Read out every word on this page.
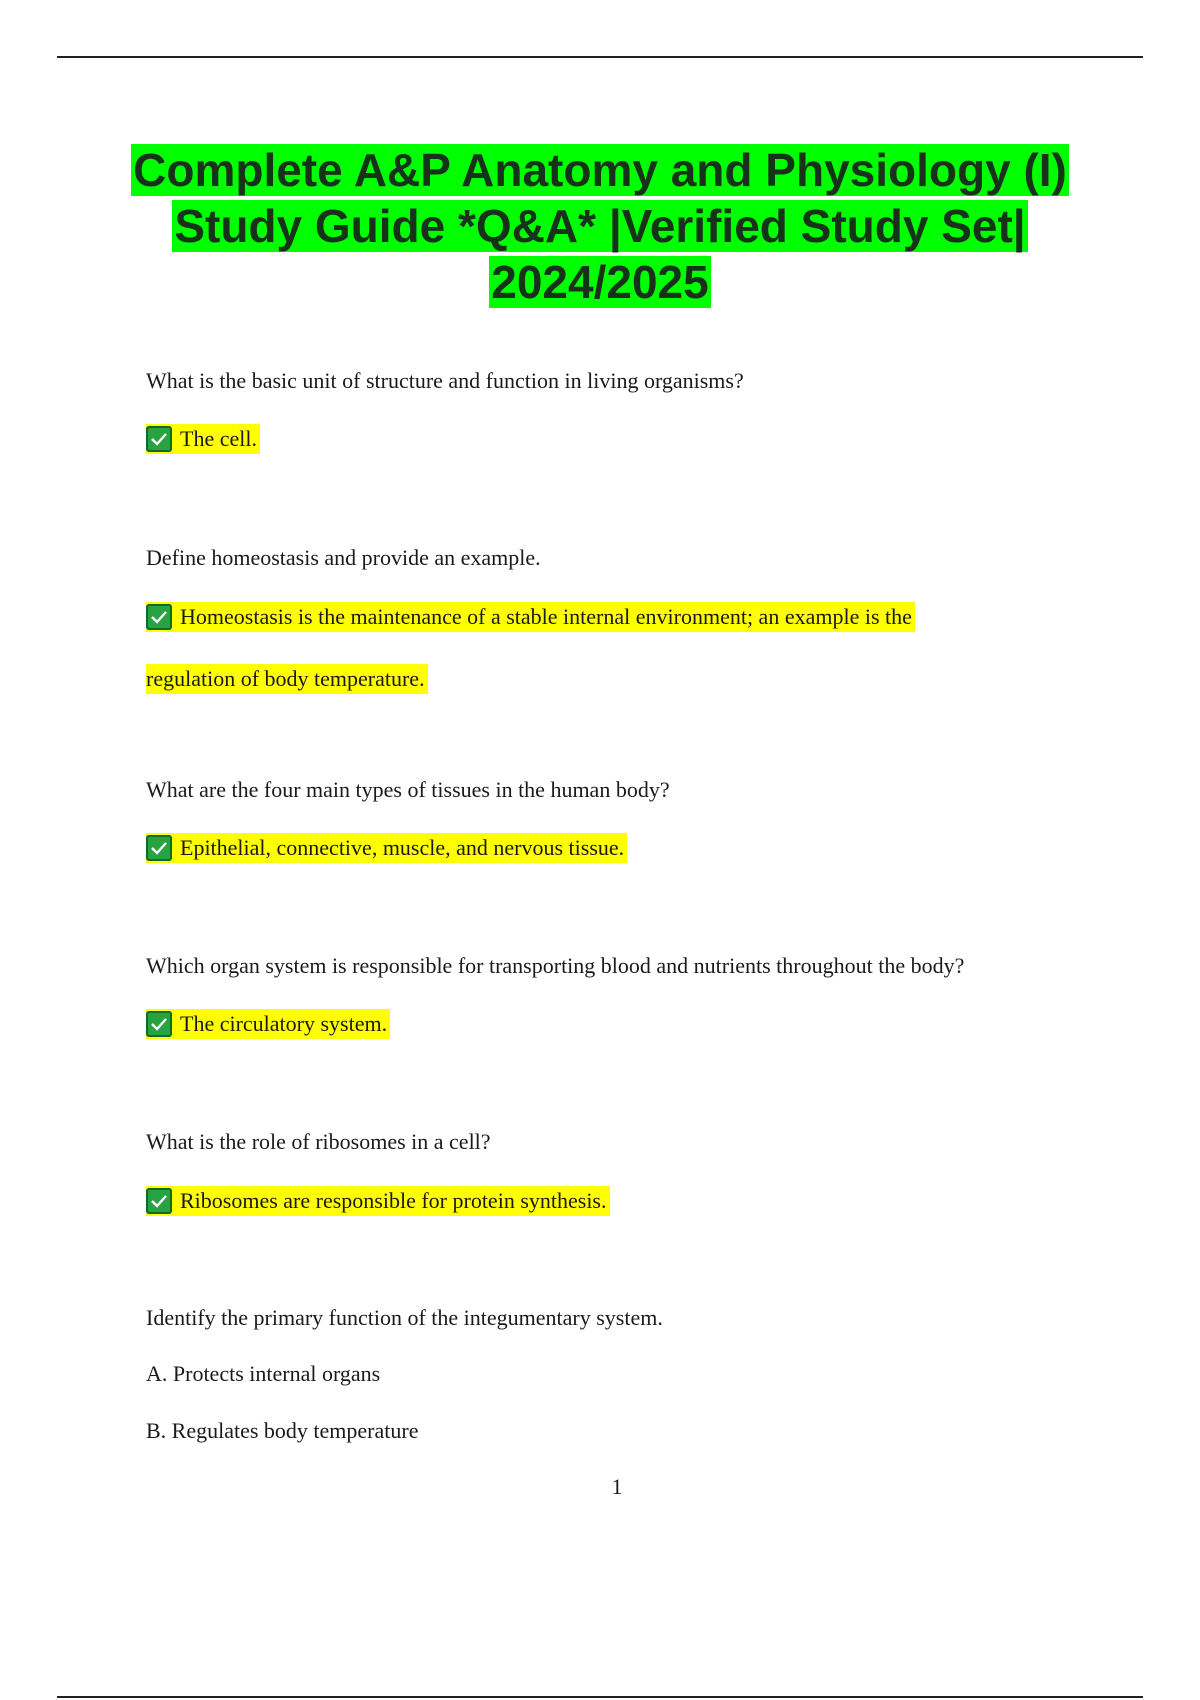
Complete A&P Anatomy and Physiology (I) Study Guide *Q&A* |Verified Study Set| 2024/2025
What is the basic unit of structure and function in living organisms?
The cell.
Define homeostasis and provide an example.
Homeostasis is the maintenance of a stable internal environment; an example is the
regulation of body temperature.
What are the four main types of tissues in the human body?
Epithelial, connective, muscle, and nervous tissue.
Which organ system is responsible for transporting blood and nutrients throughout the body?
The circulatory system.
What is the role of ribosomes in a cell?
Ribosomes are responsible for protein synthesis.
Identify the primary function of the integumentary system.
A. Protects internal organs
B. Regulates body temperature
1
